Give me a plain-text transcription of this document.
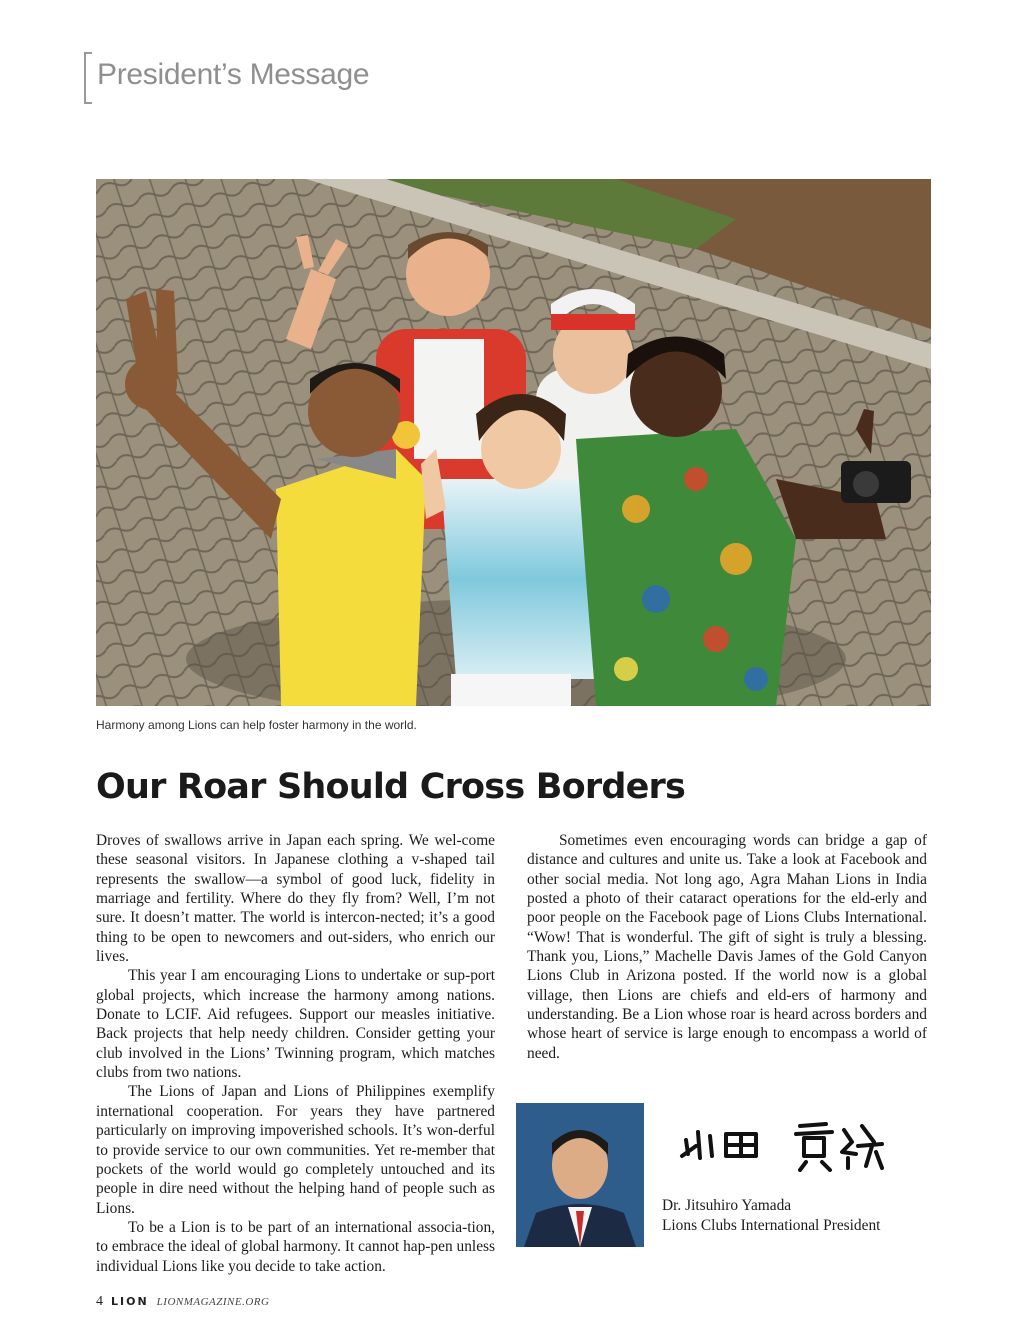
President’s Message
Harmony among Lions can help foster harmony in the world.
Our Roar Should Cross Borders

Droves of swallows arrive in Japan each spring. We wel-come these seasonal visitors. In Japanese clothing a v-shaped tail represents the swallow—a symbol of good luck, fidelity in marriage and fertility. Where do they fly from? Well, I’m not sure. It doesn’t matter. The world is intercon-nected; it’s a good thing to be open to newcomers and out-siders, who enrich our lives.

This year I am encouraging Lions to undertake or sup-port global projects, which increase the harmony among nations. Donate to LCIF. Aid refugees. Support our measles initiative. Back projects that help needy children. Consider getting your club involved in the Lions’ Twinning program, which matches clubs from two nations.

The Lions of Japan and Lions of Philippines exemplify international cooperation. For years they have partnered particularly on improving impoverished schools. It’s won-derful to provide service to our own communities. Yet re-member that pockets of the world would go completely untouched and its people in dire need without the helping hand of people such as Lions.

To be a Lion is to be part of an international associa-tion, to embrace the ideal of global harmony. It cannot hap-pen unless individual Lions like you decide to take action.

Sometimes even encouraging words can bridge a gap of distance and cultures and unite us. Take a look at Facebook and other social media. Not long ago, Agra Mahan Lions in India posted a photo of their cataract operations for the eld-erly and poor people on the Facebook page of Lions Clubs International. “Wow! That is wonderful. The gift of sight is truly a blessing. Thank you, Lions,” Machelle Davis James of the Gold Canyon Lions Club in Arizona posted. If the world now is a global village, then Lions are chiefs and eld-ers of harmony and understanding. Be a Lion whose roar is heard across borders and whose heart of service is large enough to encompass a world of need.

Dr. Jitsuhiro Yamada
Lions Clubs International President
4 LION LIONMAGAZINE.ORG
